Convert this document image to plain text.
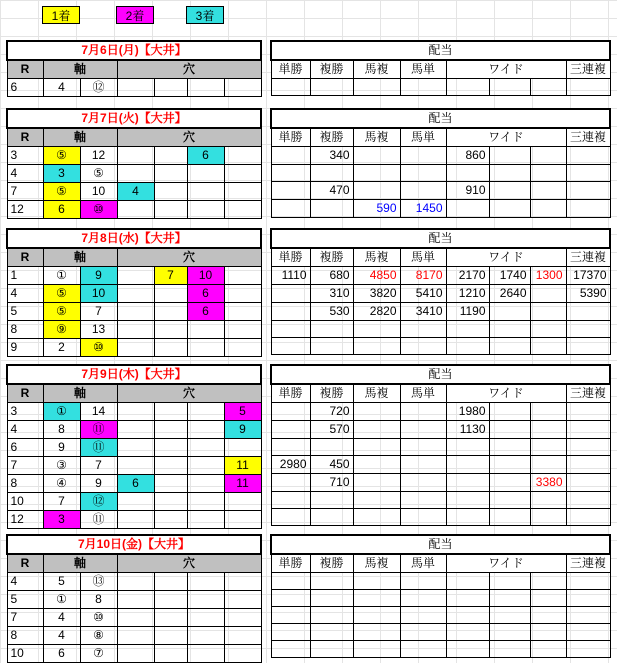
1着	2着	3着
7月6日(月)【大井】						
R	軸		穴			
6	4	⑫				
配当							
単勝	複勝	馬複	馬単	ワイド			三連複

7月7日(火)【大井】						
R	軸		穴			
3	⑤	12			6	
4	3	⑤				
7	⑤	10	4			
12	6	⑩				
配当							
単勝	複勝	馬複	馬単	ワイド			三連複
	340			860			

	470			910			
		590	1450				
7月8日(水)【大井】						
R	軸		穴			
1	①	9		7	10	
4	⑤	10			6	
5	⑤	7			6	
8	⑨	13				
9	2	⑩				
配当							
単勝	複勝	馬複	馬単	ワイド			三連複
1110	680	4850	8170	2170	1740	1300	17370
	310	3820	5410	1210	2640		5390
	530	2820	3410	1190			

7月9日(木)【大井】						
R	軸		穴			
3	①	14				5
4	8	⑪				9
6	9	⑪				
7	③	7				11
8	④	9	6			11
10	7	⑫				
12	3	⑪				
配当							
単勝	複勝	馬複	馬単	ワイド			三連複
	720			1980			
	570			1130			

2980	450						
	710					3380	

7月10日(金)【大井】						
R	軸		穴			
4	5	⑬				
5	①	8				
7	4	⑩				
8	4	⑧				
10	6	⑦				
配当							
単勝	複勝	馬複	馬単	ワイド			三連複
